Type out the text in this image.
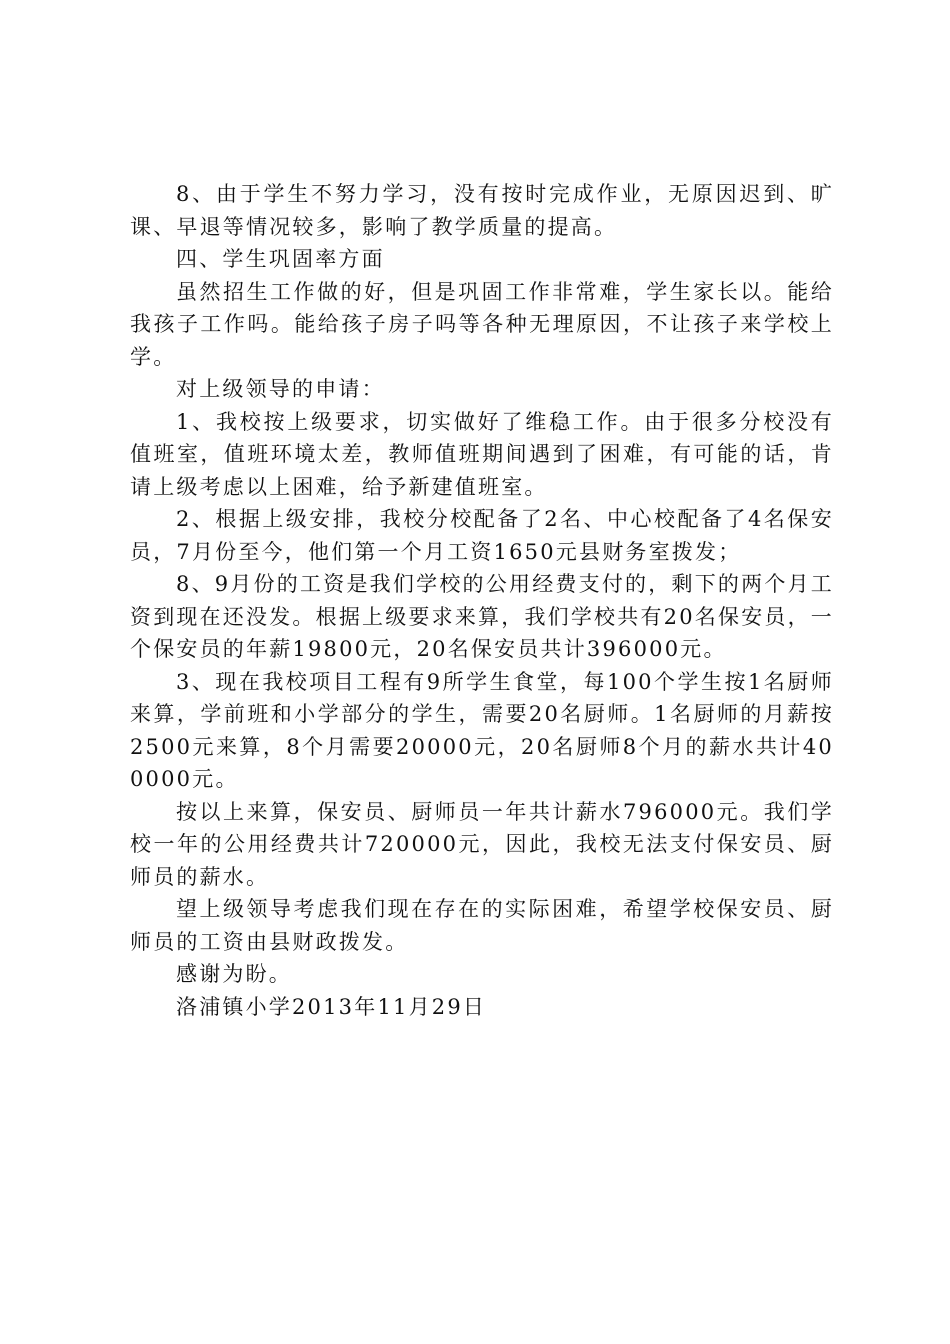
8、由于学生不努力学习，没有按时完成作业，无原因迟到、旷课、早退等情况较多，影响了教学质量的提高。

四、学生巩固率方面

虽然招生工作做的好，但是巩固工作非常难，学生家长以。能给我孩子工作吗。能给孩子房子吗等各种无理原因，不让孩子来学校上学。

对上级领导的申请：

1、我校按上级要求，切实做好了维稳工作。由于很多分校没有值班室，值班环境太差，教师值班期间遇到了困难，有可能的话，肯请上级考虑以上困难，给予新建值班室。

2、根据上级安排，我校分校配备了2名、中心校配备了4名保安员，7月份至今，他们第一个月工资1650元县财务室拨发；

8、9月份的工资是我们学校的公用经费支付的，剩下的两个月工资到现在还没发。根据上级要求来算，我们学校共有20名保安员，一个保安员的年薪19800元，20名保安员共计396000元。

3、现在我校项目工程有9所学生食堂，每100个学生按1名厨师来算，学前班和小学部分的学生，需要20名厨师。1名厨师的月薪按2500元来算，8个月需要20000元，20名厨师8个月的薪水共计400000元。

按以上来算，保安员、厨师员一年共计薪水796000元。我们学校一年的公用经费共计720000元，因此，我校无法支付保安员、厨师员的薪水。

望上级领导考虑我们现在存在的实际困难，希望学校保安员、厨师员的工资由县财政拨发。

感谢为盼。

洛浦镇小学2013年11月29日
